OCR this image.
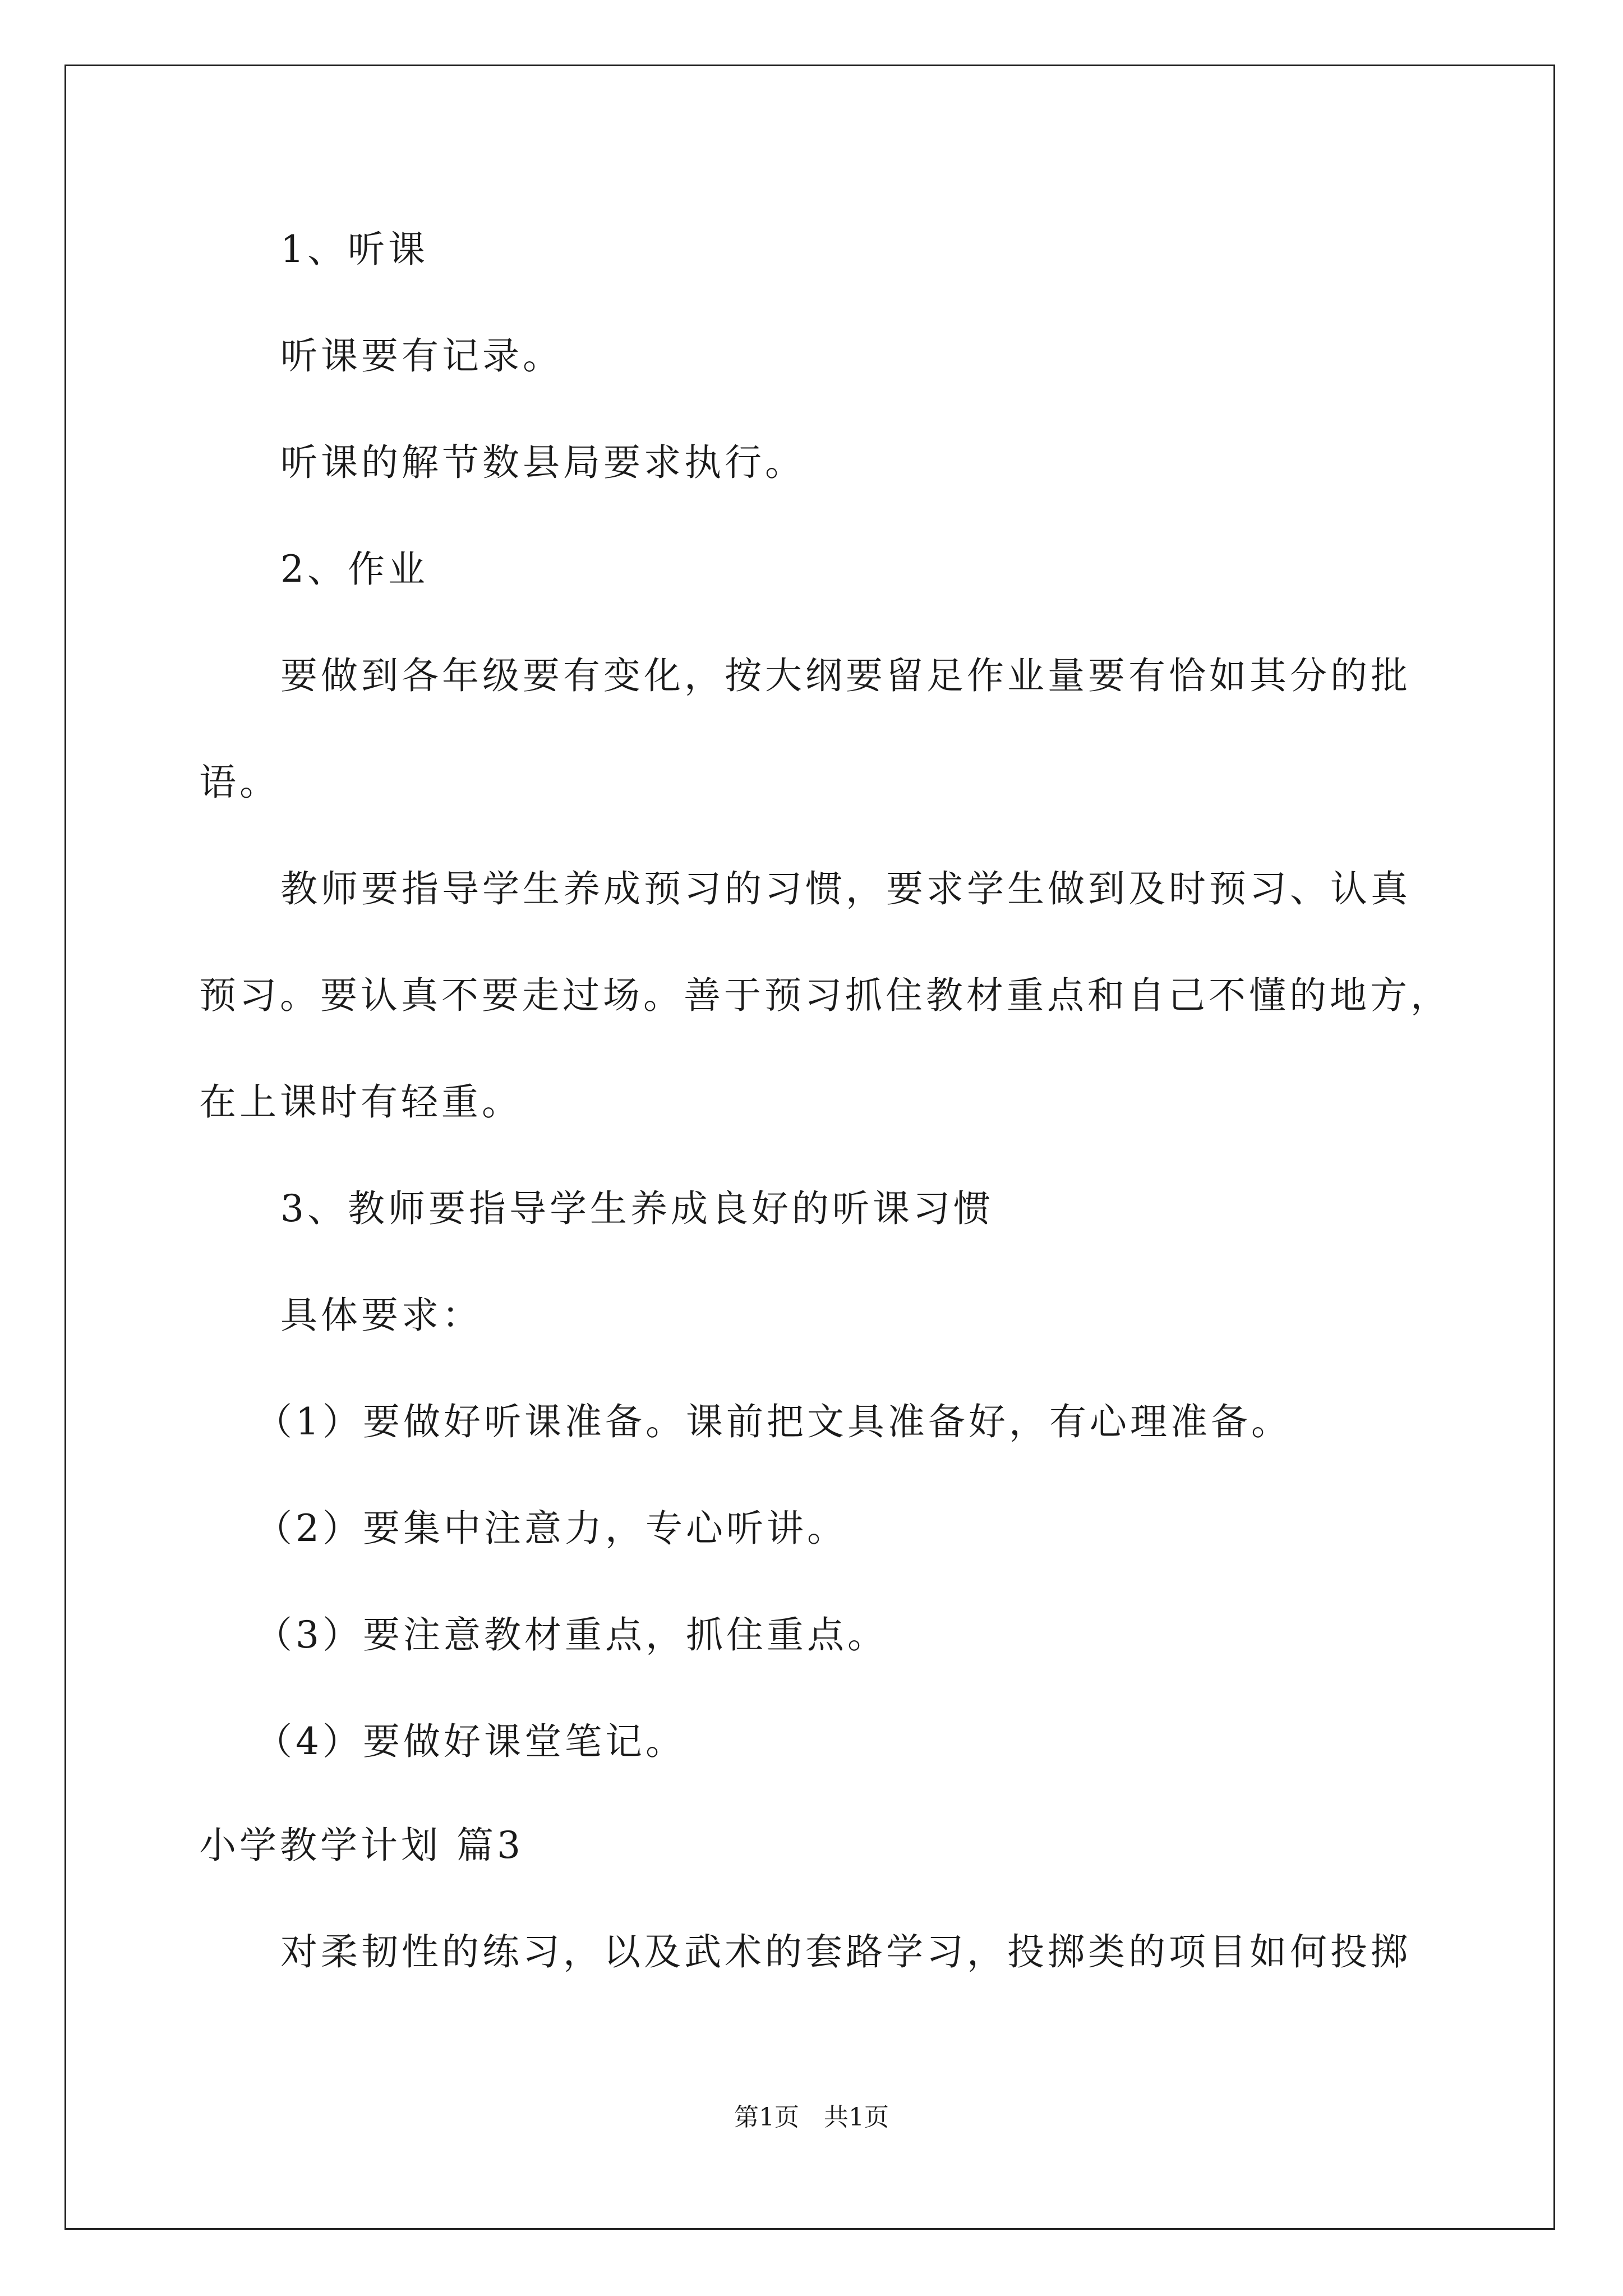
1、听课
听课要有记录。
听课的解节数县局要求执行。
2、作业
要做到各年级要有变化，按大纲要留足作业量要有恰如其分的批
语。
教师要指导学生养成预习的习惯，要求学生做到及时预习、认真
预习。要认真不要走过场。善于预习抓住教材重点和自己不懂的地方，
在上课时有轻重。
3、教师要指导学生养成良好的听课习惯
具体要求：
（1）要做好听课准备。课前把文具准备好，有心理准备。
（2）要集中注意力，专心听讲。
（3）要注意教材重点，抓住重点。
（4）要做好课堂笔记。
小学教学计划 篇3
对柔韧性的练习，以及武术的套路学习，投掷类的项目如何投掷
第1页　共1页
